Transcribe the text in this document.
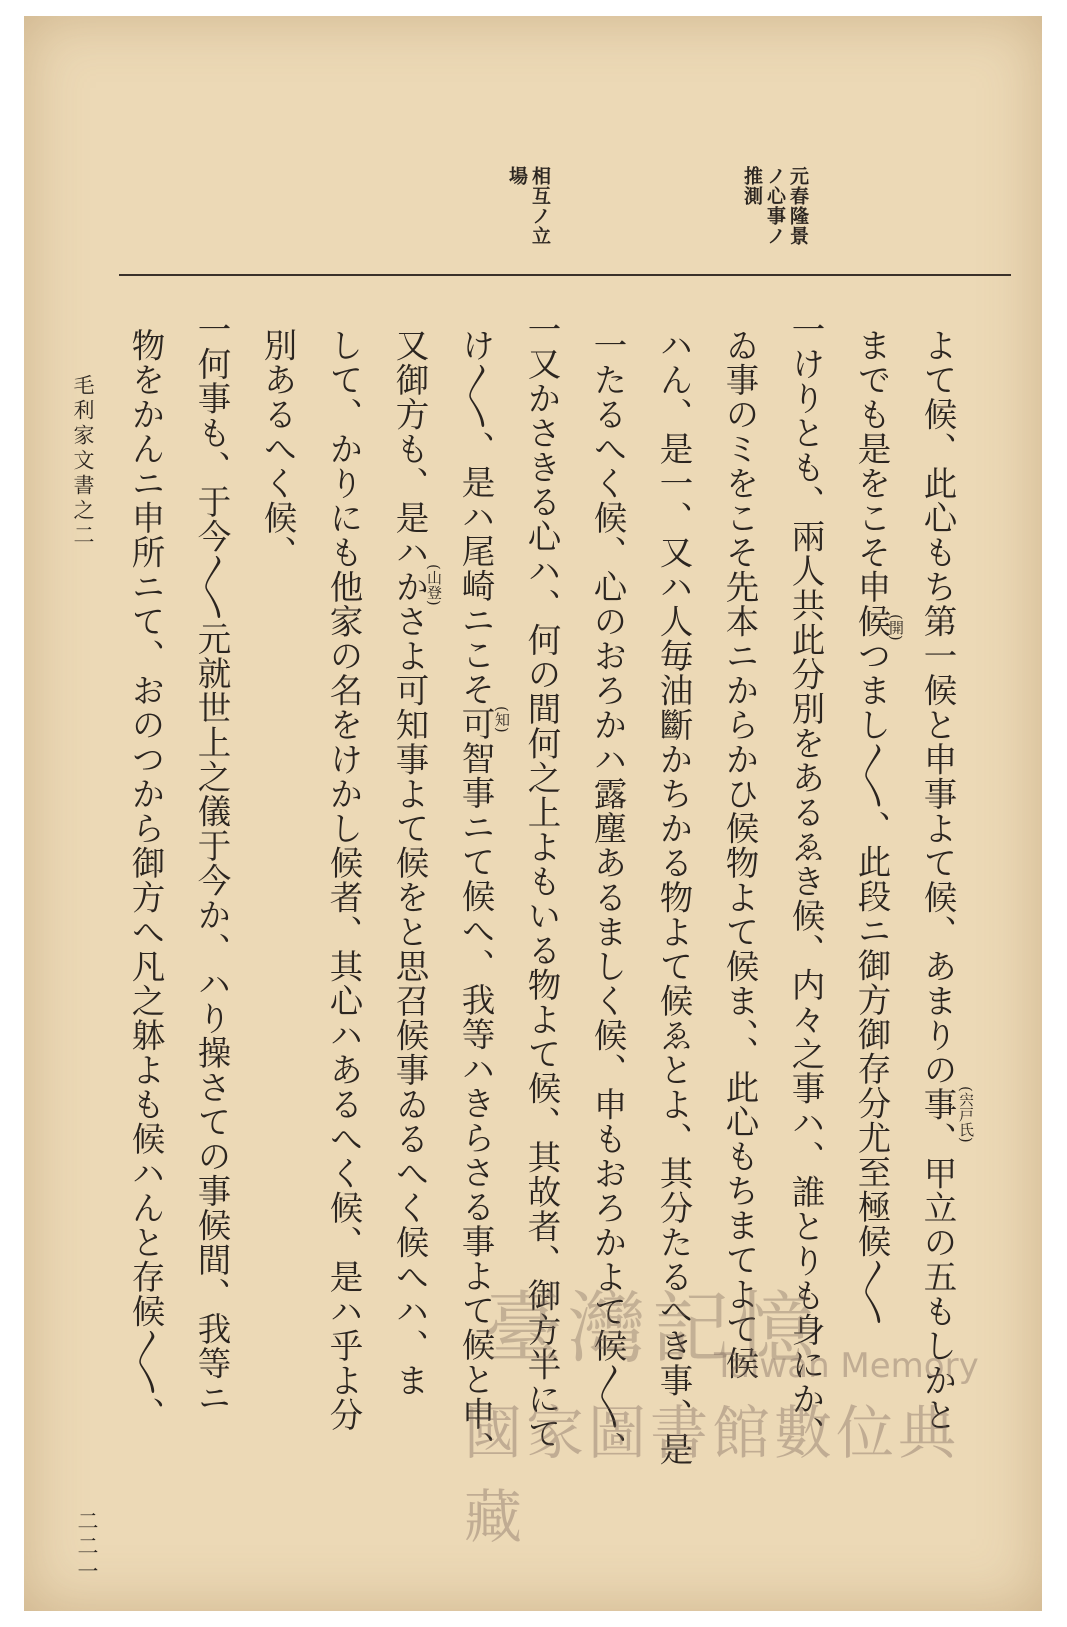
元春隆景
ノ心事ノ
推測
相互ノ立
場
よて候、此心もち第一候と申事よて候、あまりの事、甲立の五もしかと
までも是をこそ申候つまし〳〵、此段ニ御方御存分尤至極候〳〵
一けりとも、兩人共此分別をあるゑき候、内々之事ハ、誰とりも身にか、
ゐ事のミをこそ先本ニからかひ候物よて候ま、、此心もちまてよて候
ハん、是一、又ハ人毎油斷かちかる物よて候ゑとよ、其分たるへき事、是
一たるへく候、心のおろかハ露塵あるましく候、申もおろかよて候〳〵、
一又かさきる心ハ、何の間何之上よもいる物よて候、其故者、御方半にて
け〳〵、是ハ尾崎ニこそ可智事ニて候へ、我等ハきらさる事よて候と申、
又御方も、是ハかさよ可知事よて候をと思召候事ゐるへく候へハ、ま
して、かりにも他家の名をけかし候者、其心ハあるへく候、是ハ乎よ分
別あるへく候、
一何事も、于今〳〵元就世上之儀于今か、ハり操さての事候間、我等ニ
物をかんニ申所ニて、おのつから御方へ凡之躰よも候ハんと存候〳〵、	(宍戸氏)
(開)
(山登)
(知)
毛利家文書之二
二二一
臺灣記憶
Taiwan Memory
國家圖書館數位典藏
